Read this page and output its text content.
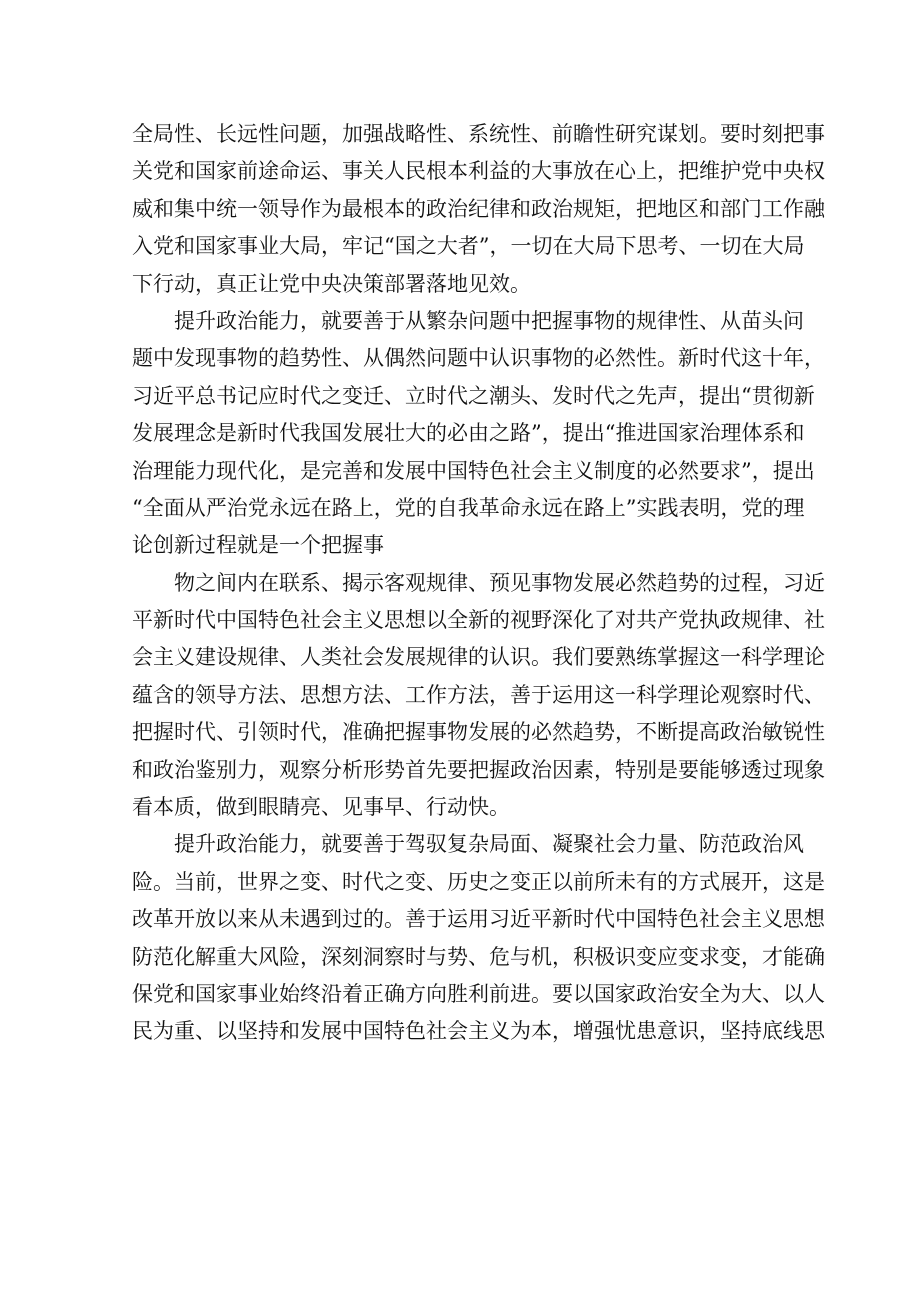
全局性、长远性问题，加强战略性、系统性、前瞻性研究谋划。要时刻把事
关党和国家前途命运、事关人民根本利益的大事放在心上，把维护党中央权
威和集中统一领导作为最根本的政治纪律和政治规矩，把地区和部门工作融
入党和国家事业大局，牢记“国之大者”，一切在大局下思考、一切在大局
下行动，真正让党中央决策部署落地见效。
提升政治能力，就要善于从繁杂问题中把握事物的规律性、从苗头问
题中发现事物的趋势性、从偶然问题中认识事物的必然性。新时代这十年，
习近平总书记应时代之变迁、立时代之潮头、发时代之先声，提出“贯彻新
发展理念是新时代我国发展壮大的必由之路”，提出“推进国家治理体系和
治理能力现代化，是完善和发展中国特色社会主义制度的必然要求”，提出
“全面从严治党永远在路上，党的自我革命永远在路上”实践表明，党的理
论创新过程就是一个把握事
物之间内在联系、揭示客观规律、预见事物发展必然趋势的过程，习近
平新时代中国特色社会主义思想以全新的视野深化了对共产党执政规律、社
会主义建设规律、人类社会发展规律的认识。我们要熟练掌握这一科学理论
蕴含的领导方法、思想方法、工作方法，善于运用这一科学理论观察时代、
把握时代、引领时代，准确把握事物发展的必然趋势，不断提高政治敏锐性
和政治鉴别力，观察分析形势首先要把握政治因素，特别是要能够透过现象
看本质，做到眼睛亮、见事早、行动快。
提升政治能力，就要善于驾驭复杂局面、凝聚社会力量、防范政治风
险。当前，世界之变、时代之变、历史之变正以前所未有的方式展开，这是
改革开放以来从未遇到过的。善于运用习近平新时代中国特色社会主义思想
防范化解重大风险，深刻洞察时与势、危与机，积极识变应变求变，才能确
保党和国家事业始终沿着正确方向胜利前进。要以国家政治安全为大、以人
民为重、以坚持和发展中国特色社会主义为本，增强忧患意识，坚持底线思
